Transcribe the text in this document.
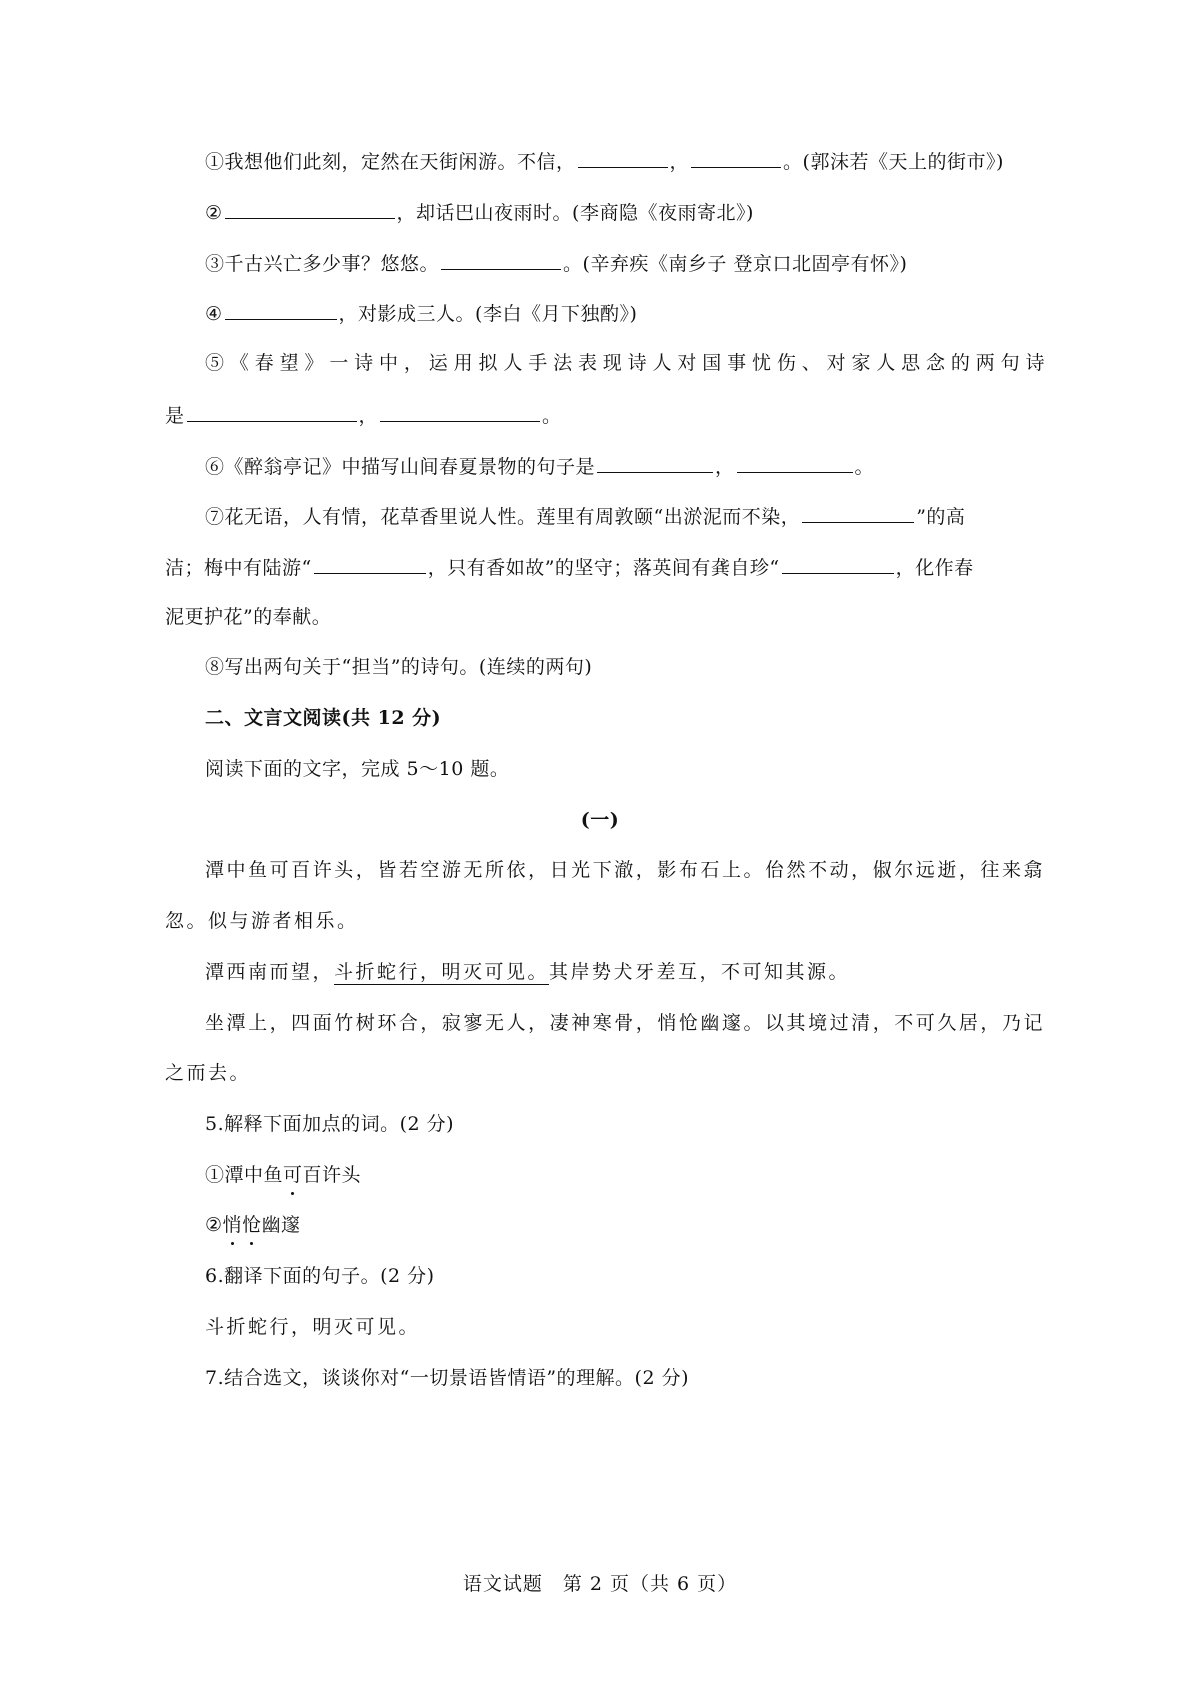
①我想他们此刻，定然在天街闲游。不信，	，	。(郭沫若《天上的街市》)
②	，却话巴山夜雨时。(李商隐《夜雨寄北》)
③千古兴亡多少事？悠悠。	。(辛弃疾《南乡子 登京口北固亭有怀》)
④	，对影成三人。(李白《月下独酌》)
⑤《春望》一诗中，运用拟人手法表现诗人对国事忧伤、对家人思念的两句诗
是	，	。
⑥《醉翁亭记》中描写山间春夏景物的句子是	，	。
⑦花无语，人有情，花草香里说人性。莲里有周敦颐“出淤泥而不染，	”的高
洁；梅中有陆游“	，只有香如故”的坚守；落英间有龚自珍“	，化作春
泥更护花”的奉献。
⑧写出两句关于“担当”的诗句。(连续的两句)
二、文言文阅读(共 12 分)
阅读下面的文字，完成 5～10 题。
(一)
潭中鱼可百许头，皆若空游无所依，日光下澈，影布石上。佁然不动，俶尔远逝，往来翕
忽。似与游者相乐。
潭西南而望，斗折蛇行，明灭可见。其岸势犬牙差互，不可知其源。
坐潭上，四面竹树环合，寂寥无人，凄神寒骨，悄怆幽邃。以其境过清，不可久居，乃记
之而去。
5.解释下面加点的词。(2 分)
①潭中鱼可百许头
②悄怆幽邃
6.翻译下面的句子。(2 分)
斗折蛇行，明灭可见。
7.结合选文，谈谈你对“一切景语皆情语”的理解。(2 分)
语文试题　第 2 页（共 6 页）
